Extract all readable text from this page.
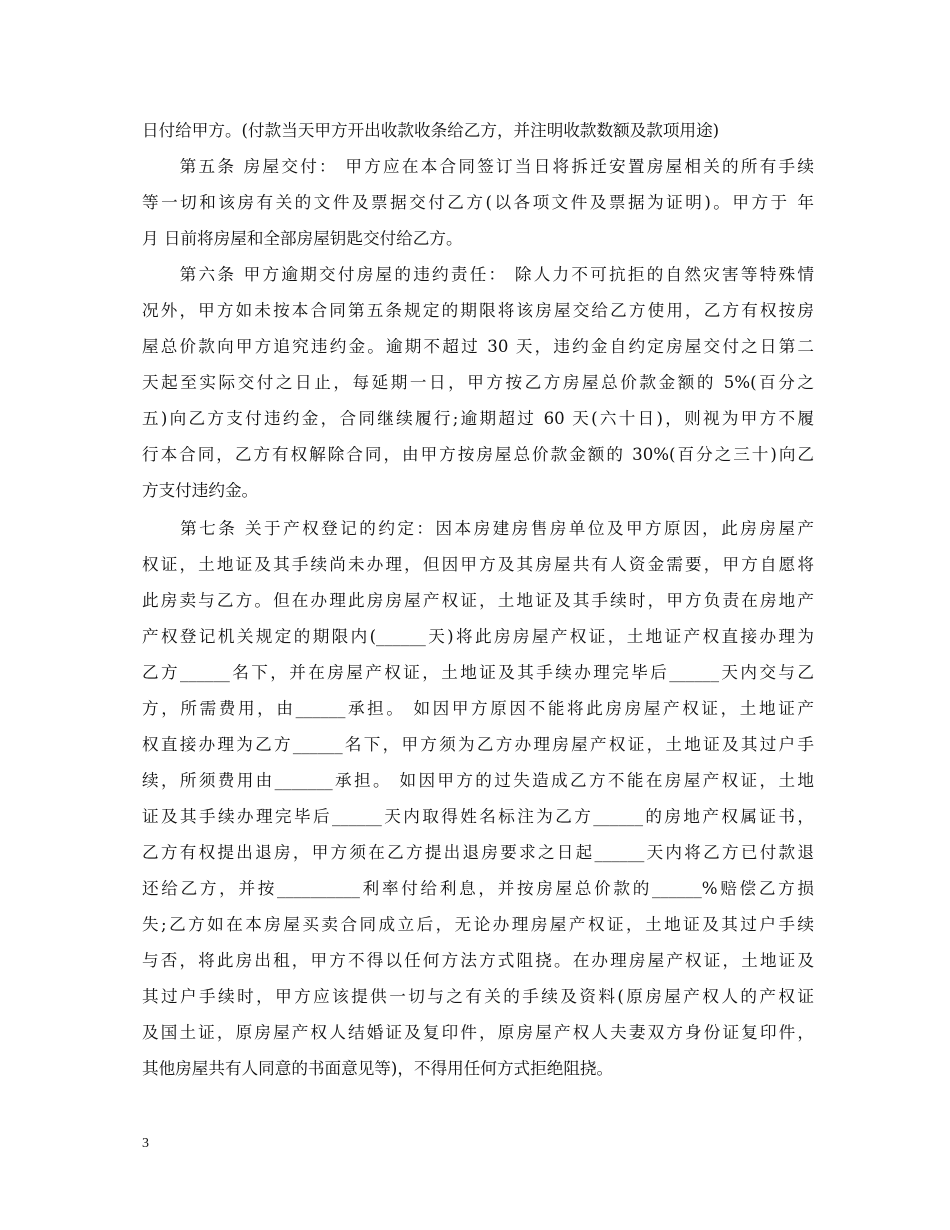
日付给甲方。(付款当天甲方开出收款收条给乙方，并注明收款数额及款项用途)
　　第五条 房屋交付： 甲方应在本合同签订当日将拆迁安置房屋相关的所有手续
等一切和该房有关的文件及票据交付乙方(以各项文件及票据为证明)。甲方于 年
月 日前将房屋和全部房屋钥匙交付给乙方。
　　第六条 甲方逾期交付房屋的违约责任： 除人力不可抗拒的自然灾害等特殊情
况外，甲方如未按本合同第五条规定的期限将该房屋交给乙方使用，乙方有权按房
屋总价款向甲方追究违约金。逾期不超过 30 天，违约金自约定房屋交付之日第二
天起至实际交付之日止，每延期一日，甲方按乙方房屋总价款金额的 5%(百分之
五)向乙方支付违约金，合同继续履行;逾期超过 60 天(六十日)，则视为甲方不履
行本合同，乙方有权解除合同，由甲方按房屋总价款金额的 30%(百分之三十)向乙
方支付违约金。
　　第七条 关于产权登记的约定：因本房建房售房单位及甲方原因，此房房屋产
权证，土地证及其手续尚未办理，但因甲方及其房屋共有人资金需要，甲方自愿将
此房卖与乙方。但在办理此房房屋产权证，土地证及其手续时，甲方负责在房地产
产权登记机关规定的期限内(______天)将此房房屋产权证，土地证产权直接办理为
乙方______名下，并在房屋产权证，土地证及其手续办理完毕后______天内交与乙
方，所需费用，由______承担。 如因甲方原因不能将此房房屋产权证，土地证产
权直接办理为乙方______名下，甲方须为乙方办理房屋产权证，土地证及其过户手
续，所须费用由_______承担。 如因甲方的过失造成乙方不能在房屋产权证，土地
证及其手续办理完毕后______天内取得姓名标注为乙方______的房地产权属证书，
乙方有权提出退房，甲方须在乙方提出退房要求之日起______天内将乙方已付款退
还给乙方，并按__________利率付给利息，并按房屋总价款的______%赔偿乙方损
失;乙方如在本房屋买卖合同成立后，无论办理房屋产权证，土地证及其过户手续
与否，将此房出租，甲方不得以任何方法方式阻挠。在办理房屋产权证，土地证及
其过户手续时，甲方应该提供一切与之有关的手续及资料(原房屋产权人的产权证
及国土证，原房屋产权人结婚证及复印件，原房屋产权人夫妻双方身份证复印件，
其他房屋共有人同意的书面意见等)，不得用任何方式拒绝阻挠。
3
